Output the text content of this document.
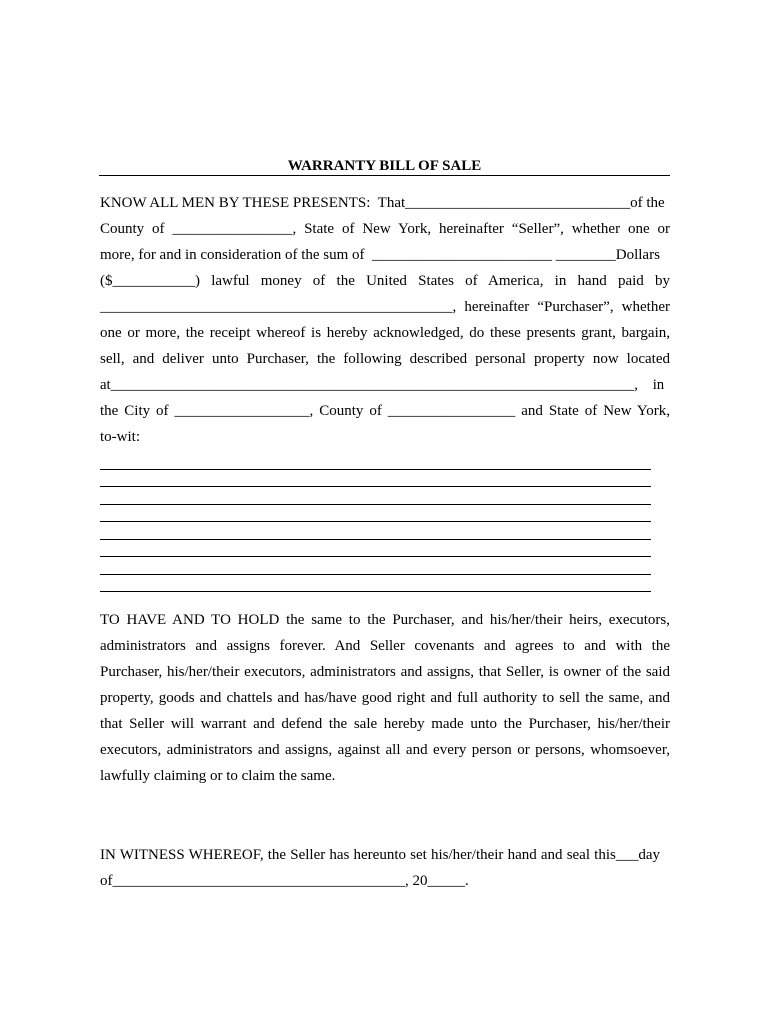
WARRANTY BILL OF SALE
KNOW ALL MEN BY THESE PRESENTS:  That______________________________of the
County of ________________, State of New York, hereinafter “Seller”, whether one or
more, for and in consideration of the sum of  ________________________ ________Dollars
($___________) lawful money of the United States of America, in hand paid by
_______________________________________________, hereinafter “Purchaser”, whether
one or more, the receipt whereof is hereby acknowledged, do these presents grant, bargain,
sell, and deliver unto Purchaser, the following described personal property now located
at_______________________________________________________________________,    in
the City of __________________, County of _________________ and State of New York,
to-wit:
TO HAVE AND TO HOLD the same to the Purchaser, and his/her/their heirs, executors,
administrators and assigns forever. And Seller covenants and agrees to and with the
Purchaser, his/her/their executors, administrators and assigns, that Seller, is owner of the said
property, goods and chattels and has/have good right and full authority to sell the same, and
that Seller will warrant and defend the sale hereby made unto the Purchaser, his/her/their
executors, administrators and assigns, against all and every person or persons, whomsoever,
lawfully claiming or to claim the same.
IN WITNESS WHEREOF, the Seller has hereunto set his/her/their hand and seal this___day
of_______________________________________, 20_____.
